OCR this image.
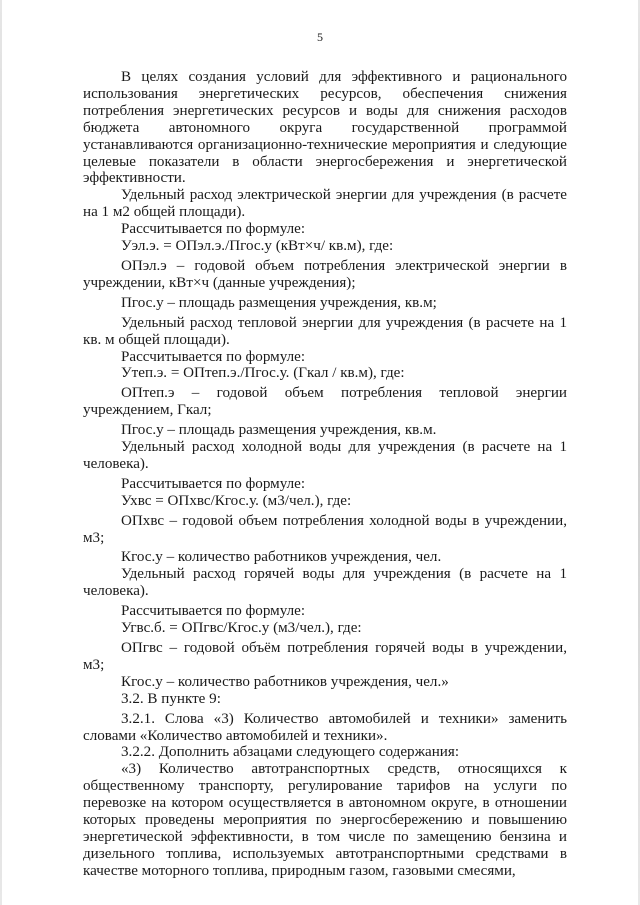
5

В целях создания условий для эффективного и рационального использования энергетических ресурсов, обеспечения снижения потребления энергетических ресурсов и воды для снижения расходов бюджета автономного округа государственной программой устанавливаются организационно-технические мероприятия и следующие целевые показатели в области энергосбережения и энергетической эффективности.

Удельный расход электрической энергии для учреждения (в расчете на 1 м2 общей площади).

Рассчитывается по формуле:

Уэл.э. = ОПэл.э./Пгос.у (кВт×ч/ кв.м), где:

ОПэл.э – годовой объем потребления электрической энергии в учреждении, кВт×ч (данные учреждения);

Пгос.у – площадь размещения учреждения, кв.м;

Удельный расход тепловой энергии для учреждения (в расчете на 1 кв. м общей площади).

Рассчитывается по формуле:

Утеп.э. = ОПтеп.э./Пгос.у. (Гкал / кв.м), где:

ОПтеп.э – годовой объем потребления тепловой энергии учреждением, Гкал;

Пгос.у – площадь размещения учреждения, кв.м.

Удельный расход холодной воды для учреждения (в расчете на 1 человека).

Рассчитывается по формуле:

Ухвс = ОПхвс/Кгос.у. (м3/чел.), где:

ОПхвс – годовой объем потребления холодной воды в учреждении, м3;

Кгос.у – количество работников учреждения, чел.

Удельный расход горячей воды для учреждения (в расчете на 1 человека).

Рассчитывается по формуле:

Угвс.б. = ОПгвс/Кгос.у (м3/чел.), где:

ОПгвс – годовой объём потребления горячей воды в учреждении, м3;

Кгос.у – количество работников учреждения, чел.»

3.2. В пункте 9:

3.2.1. Слова «3) Количество автомобилей и техники» заменить словами «Количество автомобилей и техники».

3.2.2. Дополнить абзацами следующего содержания:

«3) Количество автотранспортных средств, относящихся к общественному транспорту, регулирование тарифов на услуги по перевозке на котором осуществляется в автономном округе, в отношении которых проведены мероприятия по энергосбережению и повышению энергетической эффективности, в том числе по замещению бензина и дизельного топлива, используемых автотранспортными средствами в качестве моторного топлива, природным газом, газовыми смесями,
